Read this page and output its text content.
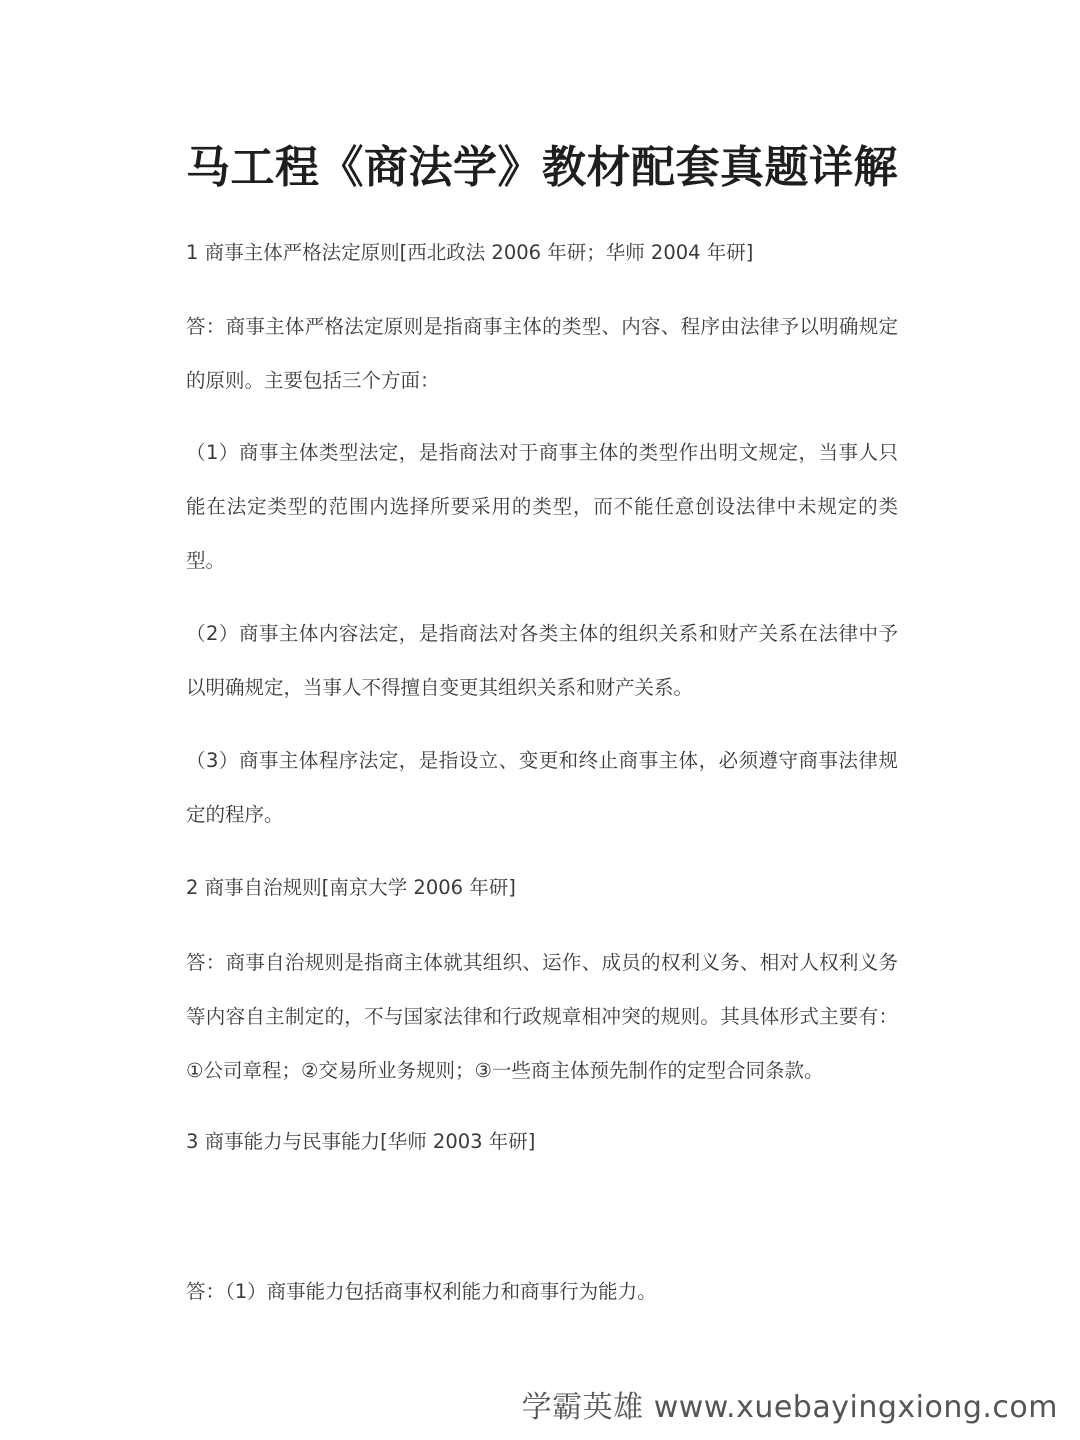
马工程《商法学》教材配套真题详解

1 商事主体严格法定原则[西北政法 2006 年研；华师 2004 年研]

答：商事主体严格法定原则是指商事主体的类型、内容、程序由法律予以明确规定的原则。主要包括三个方面：

（1）商事主体类型法定，是指商法对于商事主体的类型作出明文规定，当事人只能在法定类型的范围内选择所要采用的类型，而不能任意创设法律中未规定的类型。

（2）商事主体内容法定，是指商法对各类主体的组织关系和财产关系在法律中予以明确规定，当事人不得擅自变更其组织关系和财产关系。

（3）商事主体程序法定，是指设立、变更和终止商事主体，必须遵守商事法律规定的程序。

2 商事自治规则[南京大学 2006 年研]

答：商事自治规则是指商主体就其组织、运作、成员的权利义务、相对人权利义务等内容自主制定的，不与国家法律和行政规章相冲突的规则。其具体形式主要有：①公司章程；②交易所业务规则；③一些商主体预先制作的定型合同条款。

3 商事能力与民事能力[华师 2003 年研]

答：（1）商事能力包括商事权利能力和商事行为能力。

学霸英雄 www.xuebayingxiong.com
